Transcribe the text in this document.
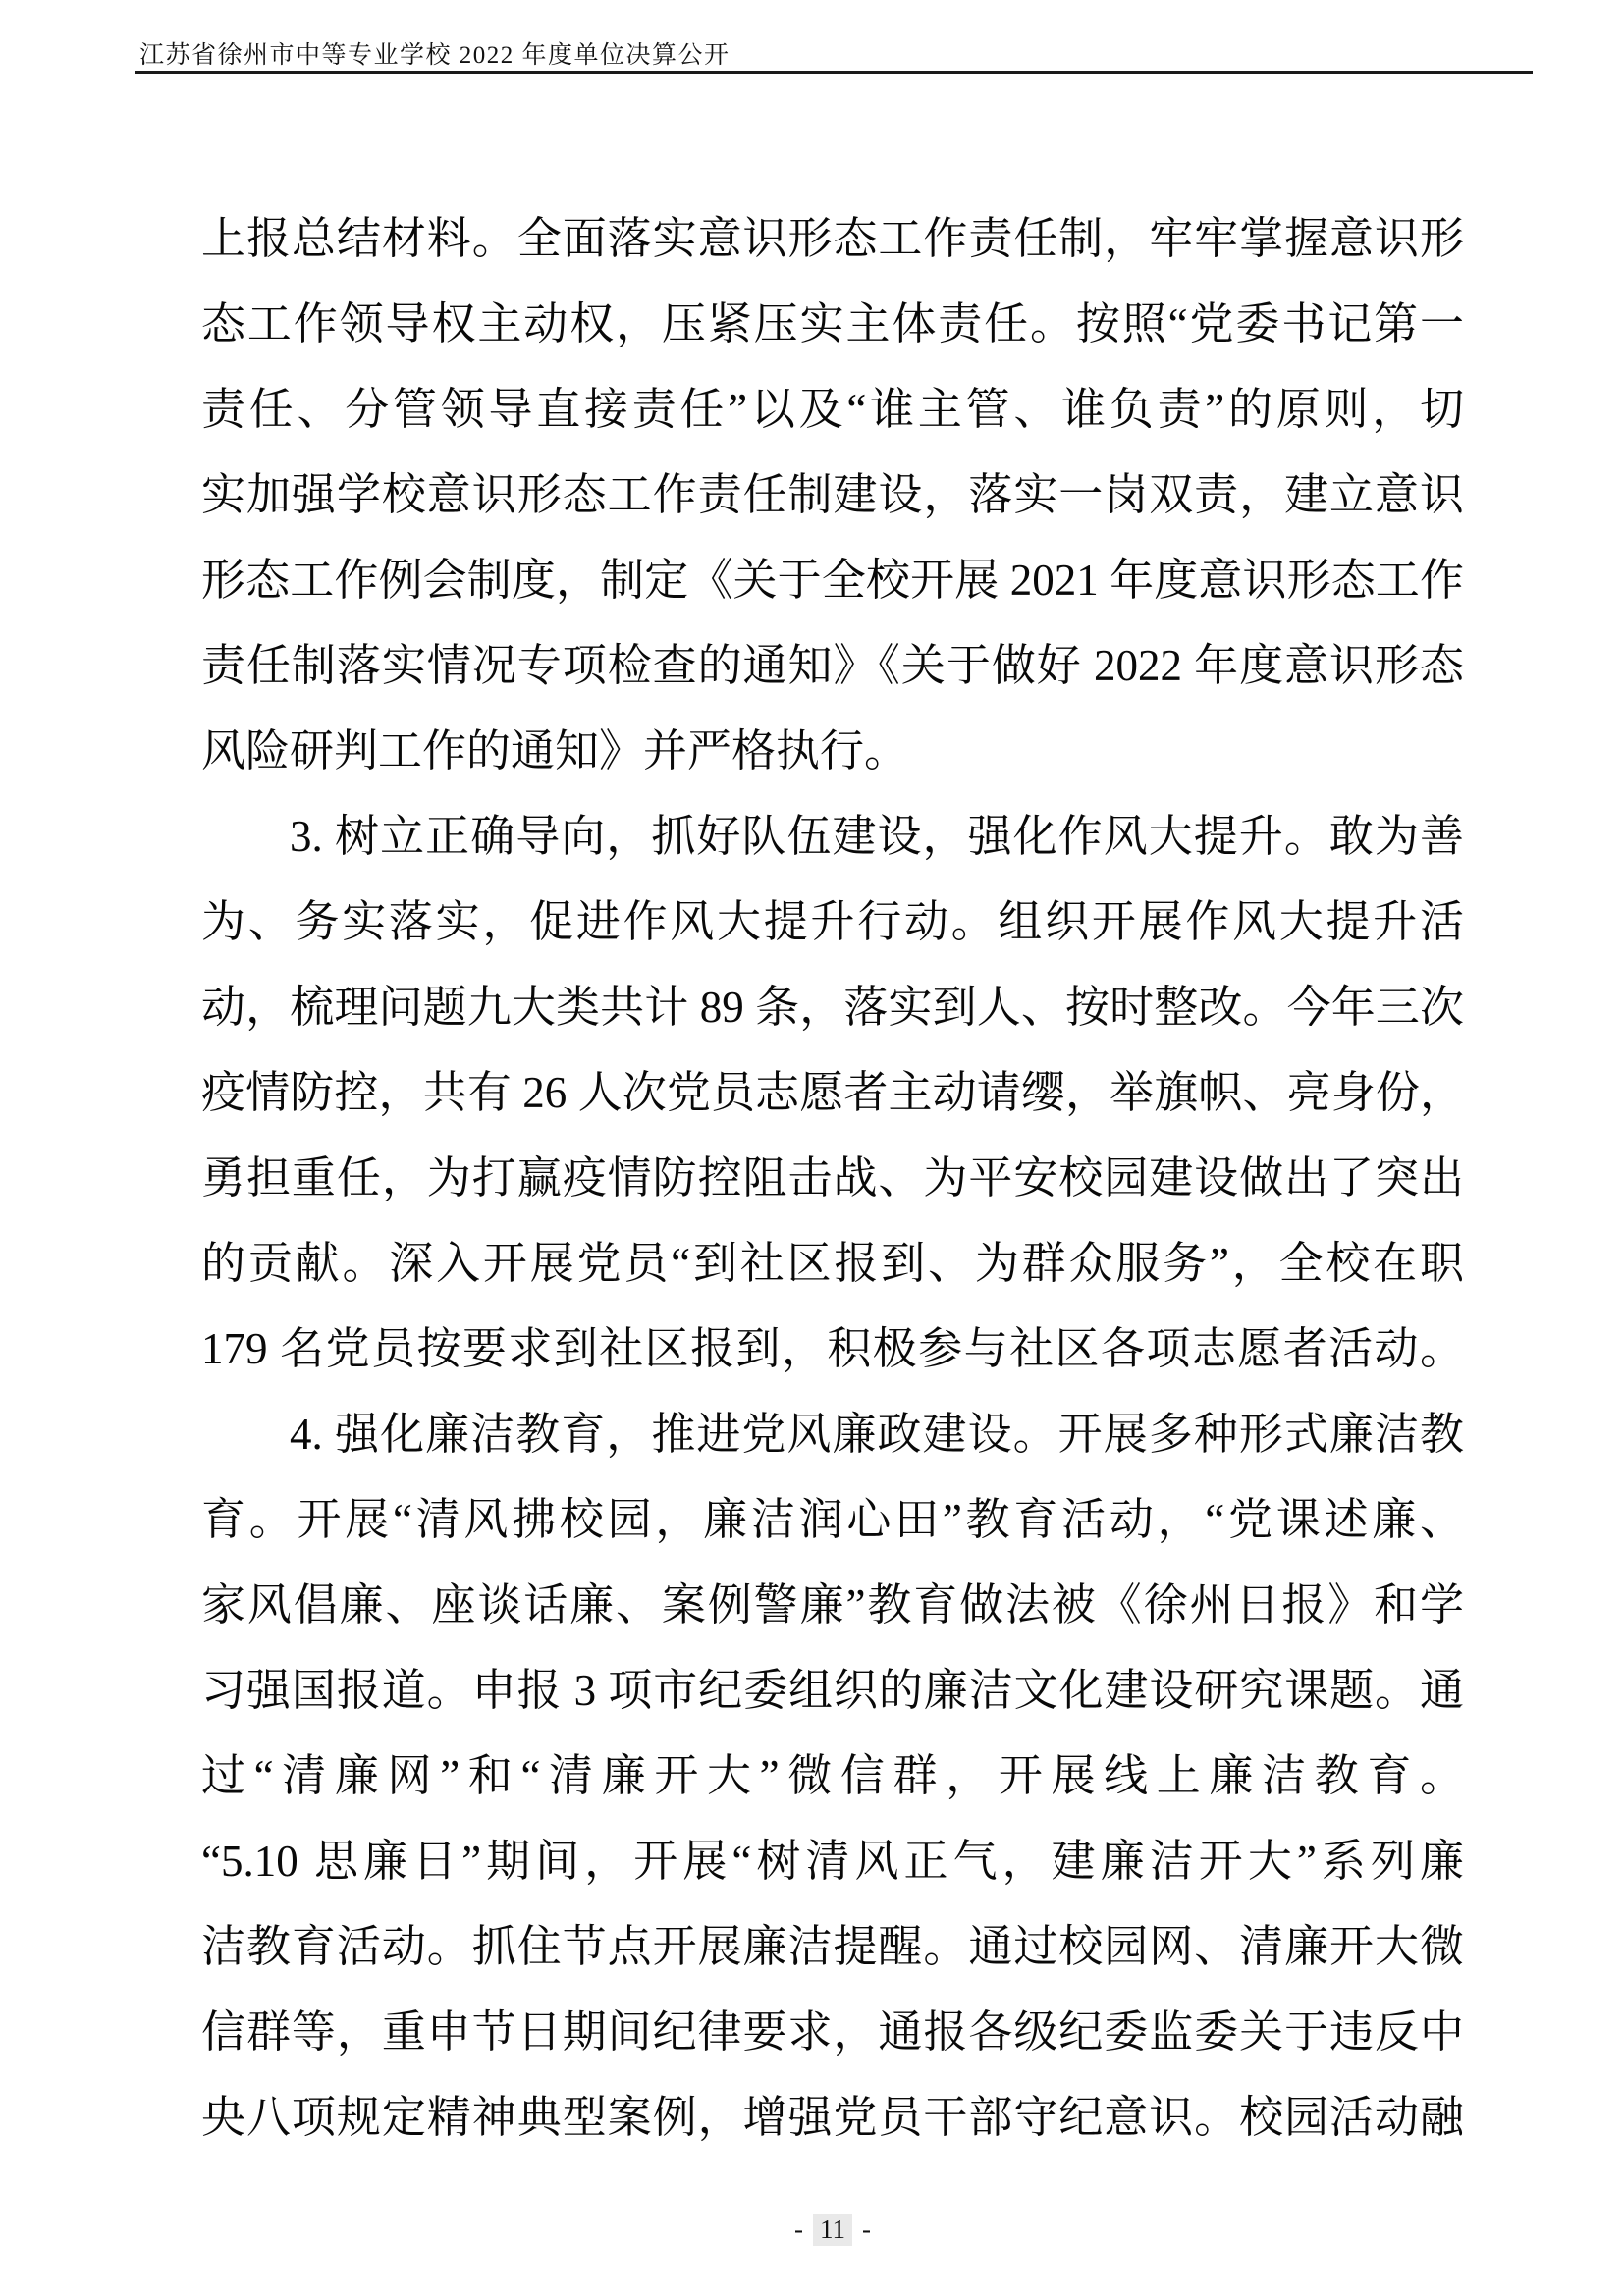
江苏省徐州市中等专业学校 2022 年度单位决算公开
上报总结材料。全面落实意识形态工作责任制，牢牢掌握意识形
态工作领导权主动权，压紧压实主体责任。按照“党委书记第一
责任、分管领导直接责任”以及“谁主管、谁负责”的原则，切
实加强学校意识形态工作责任制建设，落实一岗双责，建立意识
形态工作例会制度，制定《关于全校开展 2021 年度意识形态工作
责任制落实情况专项检查的通知》《关于做好 2022 年度意识形态
风险研判工作的通知》并严格执行。
3. 树立正确导向，抓好队伍建设，强化作风大提升。敢为善
为、务实落实，促进作风大提升行动。组织开展作风大提升活
动，梳理问题九大类共计 89 条，落实到人、按时整改。今年三次
疫情防控，共有 26 人次党员志愿者主动请缨，举旗帜、亮身份，
勇担重任，为打赢疫情防控阻击战、为平安校园建设做出了突出
的贡献。深入开展党员“到社区报到、为群众服务”，全校在职
179 名党员按要求到社区报到，积极参与社区各项志愿者活动。
4. 强化廉洁教育，推进党风廉政建设。开展多种形式廉洁教
育。开展“清风拂校园，廉洁润心田”教育活动，“党课述廉、
家风倡廉、座谈话廉、案例警廉”教育做法被《徐州日报》和学
习强国报道。申报 3 项市纪委组织的廉洁文化建设研究课题。通
过“清廉网”和“清廉开大”微信群，开展线上廉洁教育。
“5.10 思廉日”期间，开展“树清风正气，建廉洁开大”系列廉
洁教育活动。抓住节点开展廉洁提醒。通过校园网、清廉开大微
信群等，重申节日期间纪律要求，通报各级纪委监委关于违反中
央八项规定精神典型案例，增强党员干部守纪意识。校园活动融
- 11 -
